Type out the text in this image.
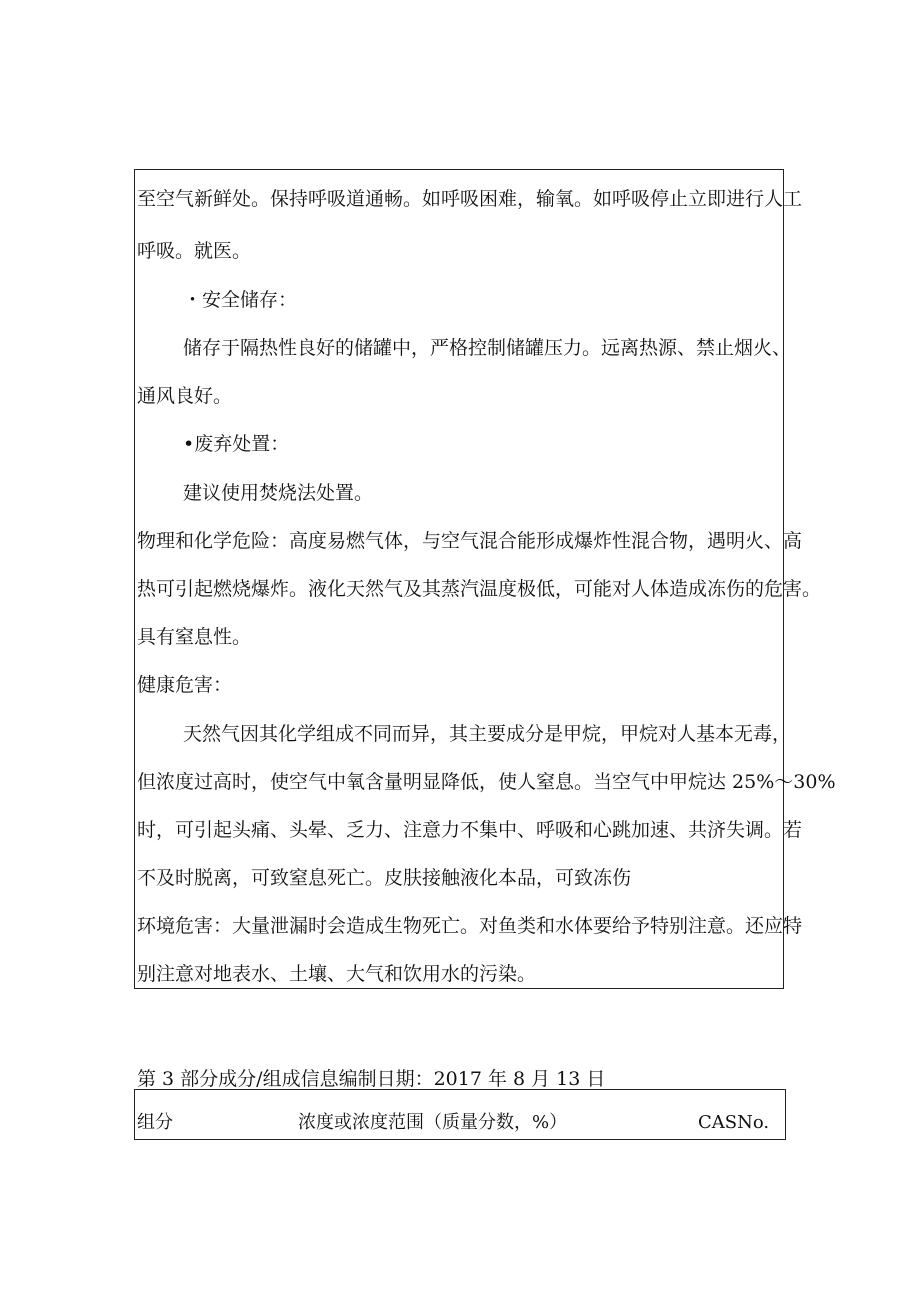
至空气新鲜处。保持呼吸道通畅。如呼吸困难，输氧。如呼吸停止立即进行人工
呼吸。就医。
・安全储存：
储存于隔热性良好的储罐中，严格控制储罐压力。远离热源、禁止烟火、
通风良好。
•废弃处置：
建议使用焚烧法处置。
物理和化学危险：高度易燃气体，与空气混合能形成爆炸性混合物，遇明火、高
热可引起燃烧爆炸。液化天然气及其蒸汽温度极低，可能对人体造成冻伤的危害。
具有窒息性。
健康危害：
天然气因其化学组成不同而异，其主要成分是甲烷，甲烷对人基本无毒，
但浓度过高时，使空气中氧含量明显降低，使人窒息。当空气中甲烷达 25%～30%
时，可引起头痛、头晕、乏力、注意力不集中、呼吸和心跳加速、共济失调。若
不及时脱离，可致窒息死亡。皮肤接触液化本品，可致冻伤
环境危害：大量泄漏时会造成生物死亡。对鱼类和水体要给予特别注意。还应特
别注意对地表水、土壤、大气和饮用水的污染。
第 3 部分成分/组成信息编制日期：2017 年 8 月 13 日
组分	浓度或浓度范围（质量分数，%）	CASNo.
